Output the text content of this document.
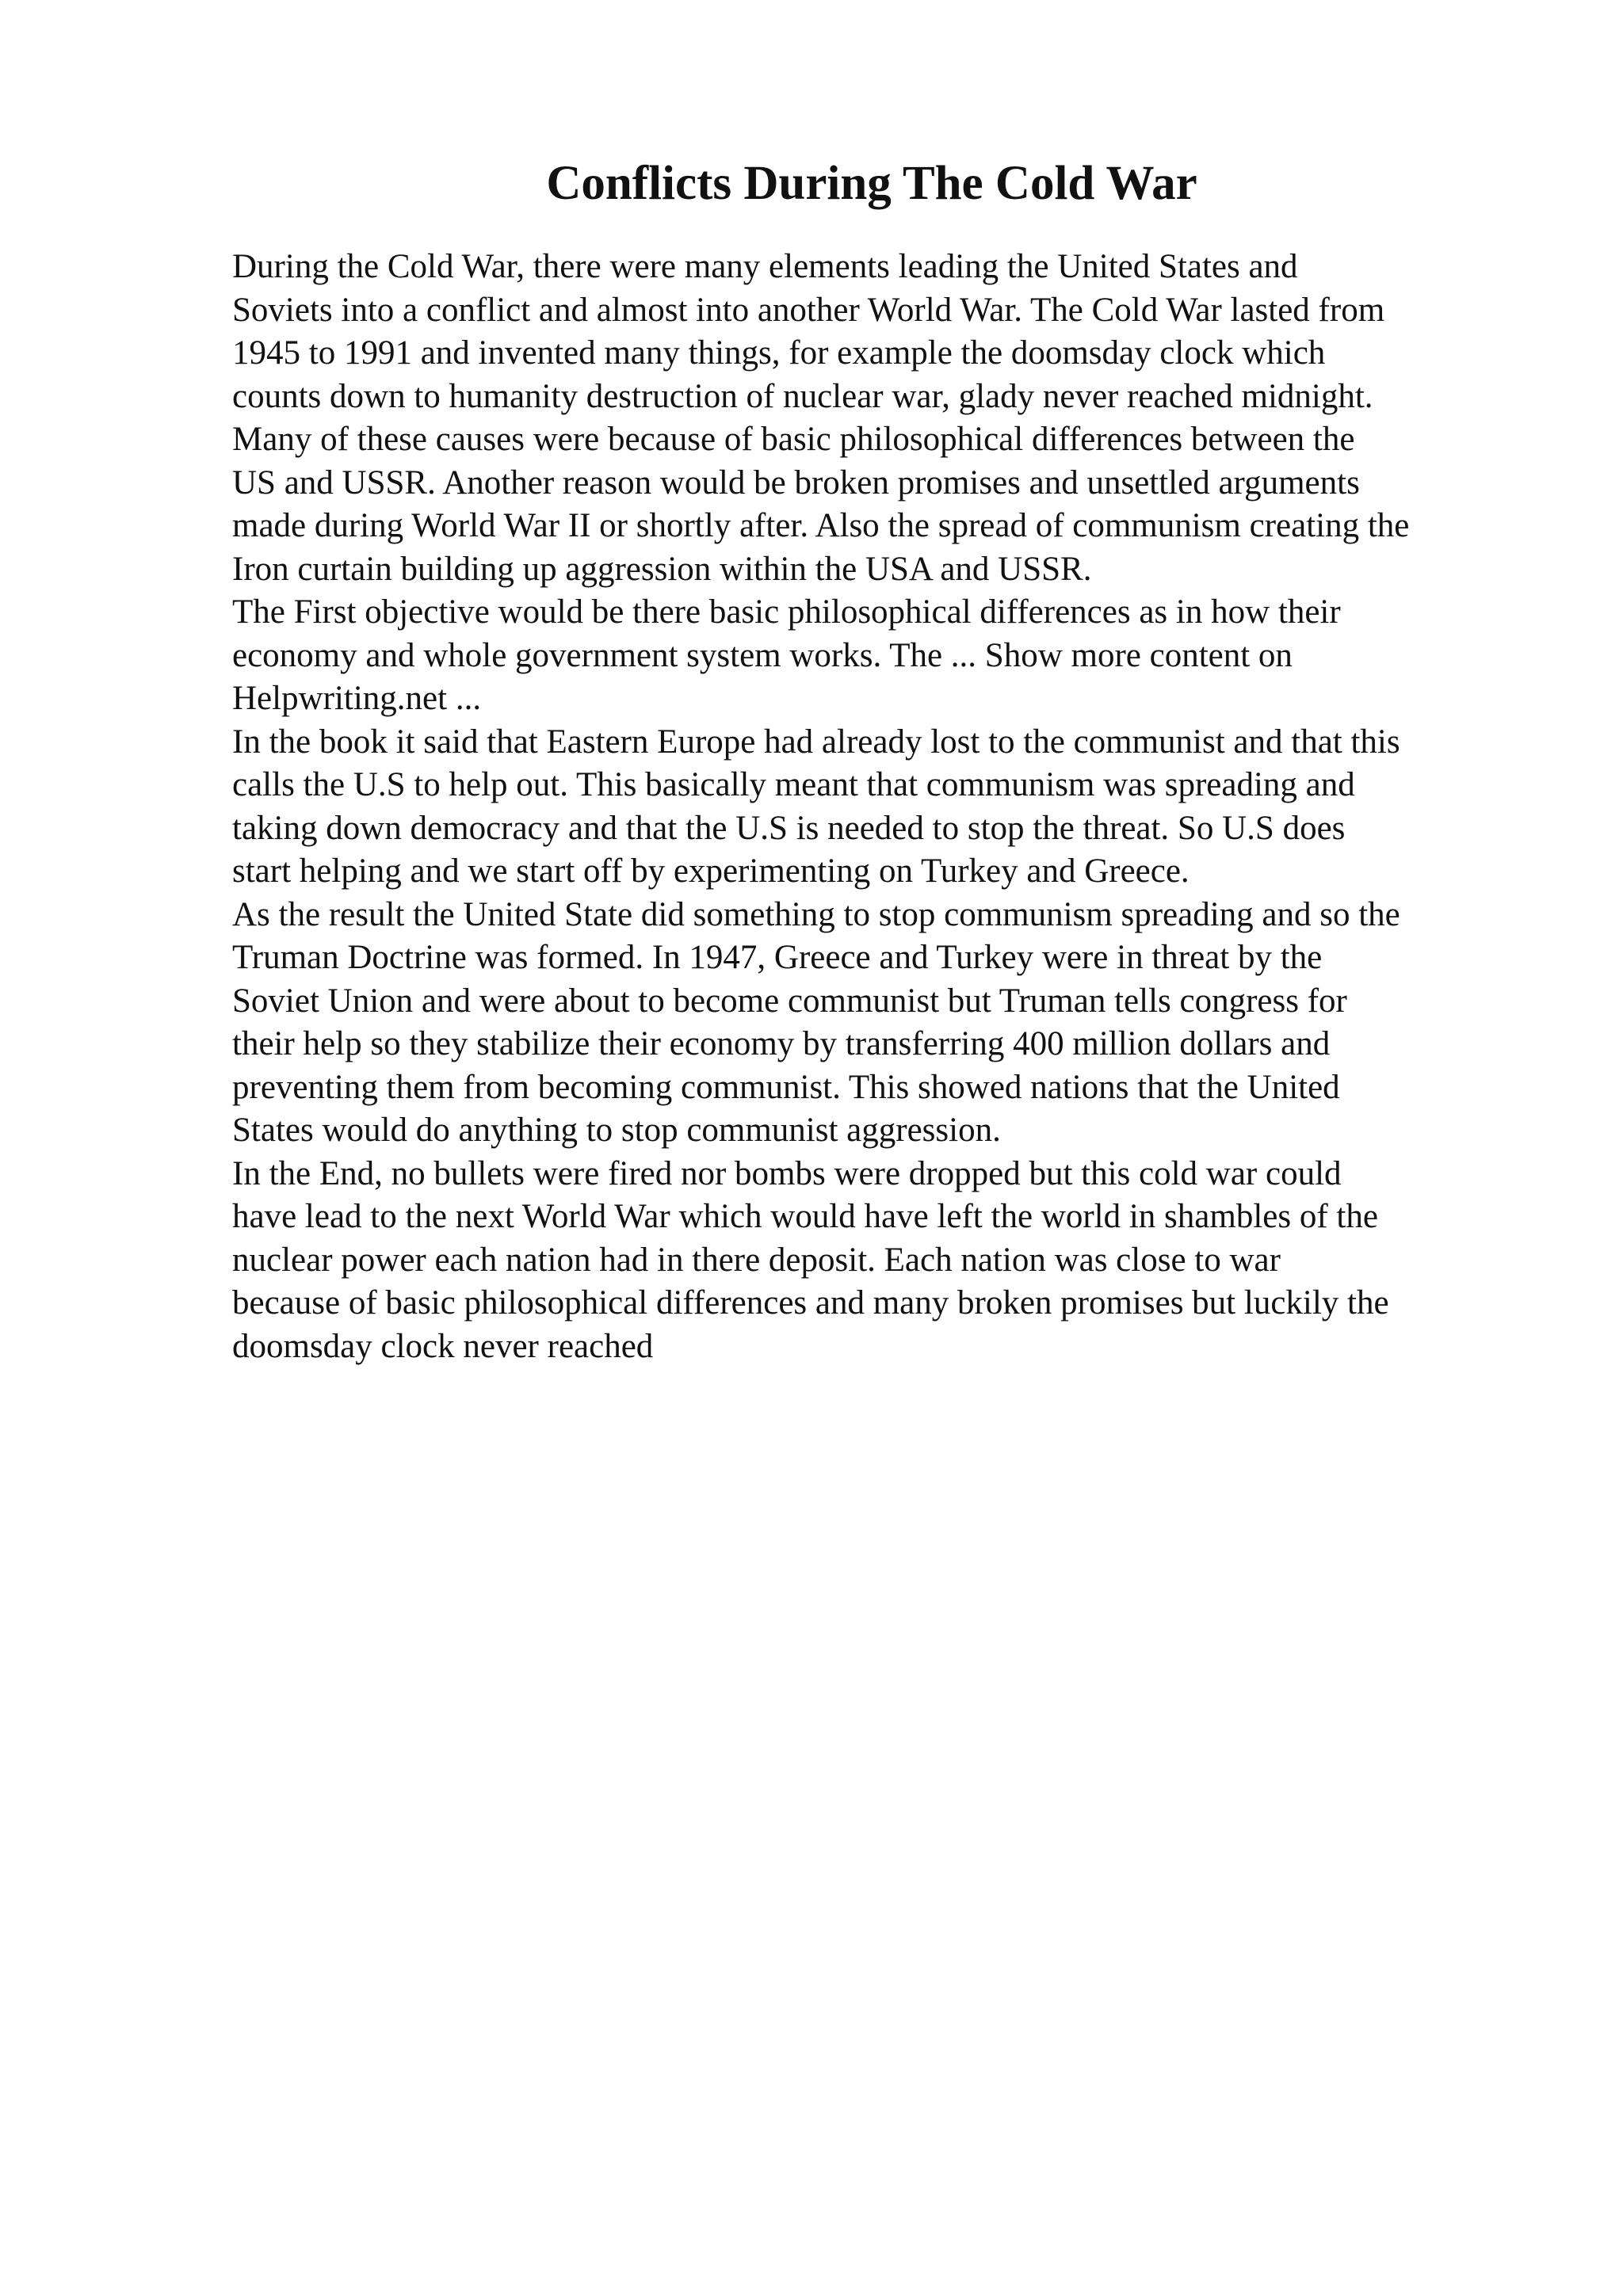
Conflicts During The Cold War
During the Cold War, there were many elements leading the United States and
Soviets into a conflict and almost into another World War. The Cold War lasted from
1945 to 1991 and invented many things, for example the doomsday clock which
counts down to humanity destruction of nuclear war, glady never reached midnight.
Many of these causes were because of basic philosophical differences between the
US and USSR. Another reason would be broken promises and unsettled arguments
made during World War II or shortly after. Also the spread of communism creating the
Iron curtain building up aggression within the USA and USSR.
The First objective would be there basic philosophical differences as in how their
economy and whole government system works. The ... Show more content on
Helpwriting.net ...
In the book it said that Eastern Europe had already lost to the communist and that this
calls the U.S to help out. This basically meant that communism was spreading and
taking down democracy and that the U.S is needed to stop the threat. So U.S does
start helping and we start off by experimenting on Turkey and Greece.
As the result the United State did something to stop communism spreading and so the
Truman Doctrine was formed. In 1947, Greece and Turkey were in threat by the
Soviet Union and were about to become communist but Truman tells congress for
their help so they stabilize their economy by transferring 400 million dollars and
preventing them from becoming communist. This showed nations that the United
States would do anything to stop communist aggression.
In the End, no bullets were fired nor bombs were dropped but this cold war could
have lead to the next World War which would have left the world in shambles of the
nuclear power each nation had in there deposit. Each nation was close to war
because of basic philosophical differences and many broken promises but luckily the
doomsday clock never reached
